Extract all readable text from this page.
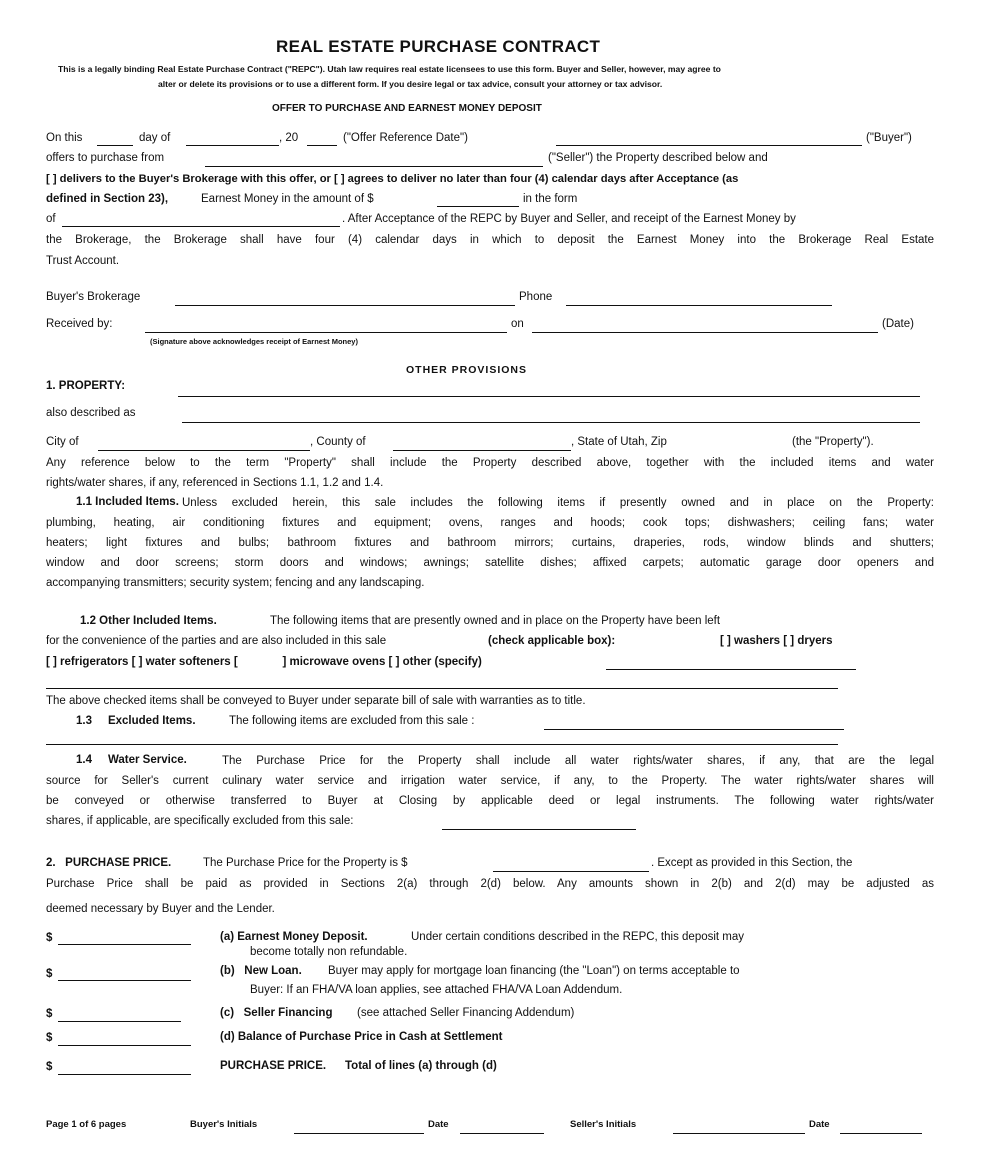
REAL ESTATE PURCHASE CONTRACT
This is a legally binding Real Estate Purchase Contract ("REPC"). Utah law requires real estate licensees to use this form. Buyer and Seller, however, may agree to
alter or delete its provisions or to use a different form. If you desire legal or tax advice, consult your attorney or tax advisor.
OFFER TO PURCHASE AND EARNEST MONEY DEPOSIT
On this	day of	, 20	("Offer Reference Date")	("Buyer")
offers to purchase from	("Seller") the Property described below and
[ ] delivers to the Buyer's Brokerage with this offer, or [ ] agrees to deliver no later than four (4) calendar days after Acceptance (as
defined in Section 23),	Earnest Money in the amount of $	in the form
of	. After Acceptance of the REPC by Buyer and Seller, and receipt of the Earnest Money by
the Brokerage, the Brokerage shall have four (4) calendar days in which to deposit the Earnest Money into the Brokerage Real Estate
Trust Account.
Buyer's Brokerage	Phone
Received by:	on	(Date)
(Signature above acknowledges receipt of Earnest Money)
OTHER PROVISIONS
1. PROPERTY:
also described as
City of	, County of	, State of Utah, Zip	(the "Property").
Any reference below to the term "Property" shall include the Property described above, together with the included items and water
rights/water shares, if any, referenced in Sections 1.1, 1.2 and 1.4.
1.1 Included Items. Unless excluded herein, this sale includes the following items if presently owned and in place on the Property:
plumbing, heating, air conditioning fixtures and equipment; ovens, ranges and hoods; cook tops; dishwashers; ceiling fans; water
heaters; light fixtures and bulbs; bathroom fixtures and bathroom mirrors; curtains, draperies, rods, window blinds and shutters;
window and door screens; storm doors and windows; awnings; satellite dishes; affixed carpets; automatic garage door openers and
accompanying transmitters; security system; fencing and any landscaping.
1.2 Other Included Items.	The following items that are presently owned and in place on the Property have been left
for the convenience of the parties and are also included in this sale	(check applicable box):	[ ] washers [ ] dryers
[ ] refrigerators [ ] water softeners [              ] microwave ovens [ ] other (specify)
The above checked items shall be conveyed to Buyer under separate bill of sale with warranties as to title.
1.3     Excluded Items.	The following items are excluded from this sale :
1.4     Water Service.	The Purchase Price for the Property shall include all water rights/water shares, if any, that are the legal
source for Seller's current culinary water service and irrigation water service, if any, to the Property. The water rights/water shares will
be conveyed or otherwise transferred to Buyer at Closing by applicable deed or legal instruments. The following water rights/water
shares, if applicable, are specifically excluded from this sale:
2.   PURCHASE PRICE.	The Purchase Price for the Property is $	. Except as provided in this Section, the
Purchase Price shall be paid as provided in Sections 2(a) through 2(d) below. Any amounts shown in 2(b) and 2(d) may be adjusted as
deemed necessary by Buyer and the Lender.
$	(a) Earnest Money Deposit.	Under certain conditions described in the REPC, this deposit may
become totally non refundable.
$	(b)   New Loan. Buyer may apply for mortgage loan financing (the "Loan") on terms acceptable to
Buyer: If an FHA/VA loan applies, see attached FHA/VA Loan Addendum.
$	(c)   Seller Financing (see attached Seller Financing Addendum)
$	(d) Balance of Purchase Price in Cash at Settlement
$	PURCHASE PRICE. Total of lines (a) through (d)
Page 1 of 6 pages	Buyer's Initials	Date	Seller's Initials	Date
